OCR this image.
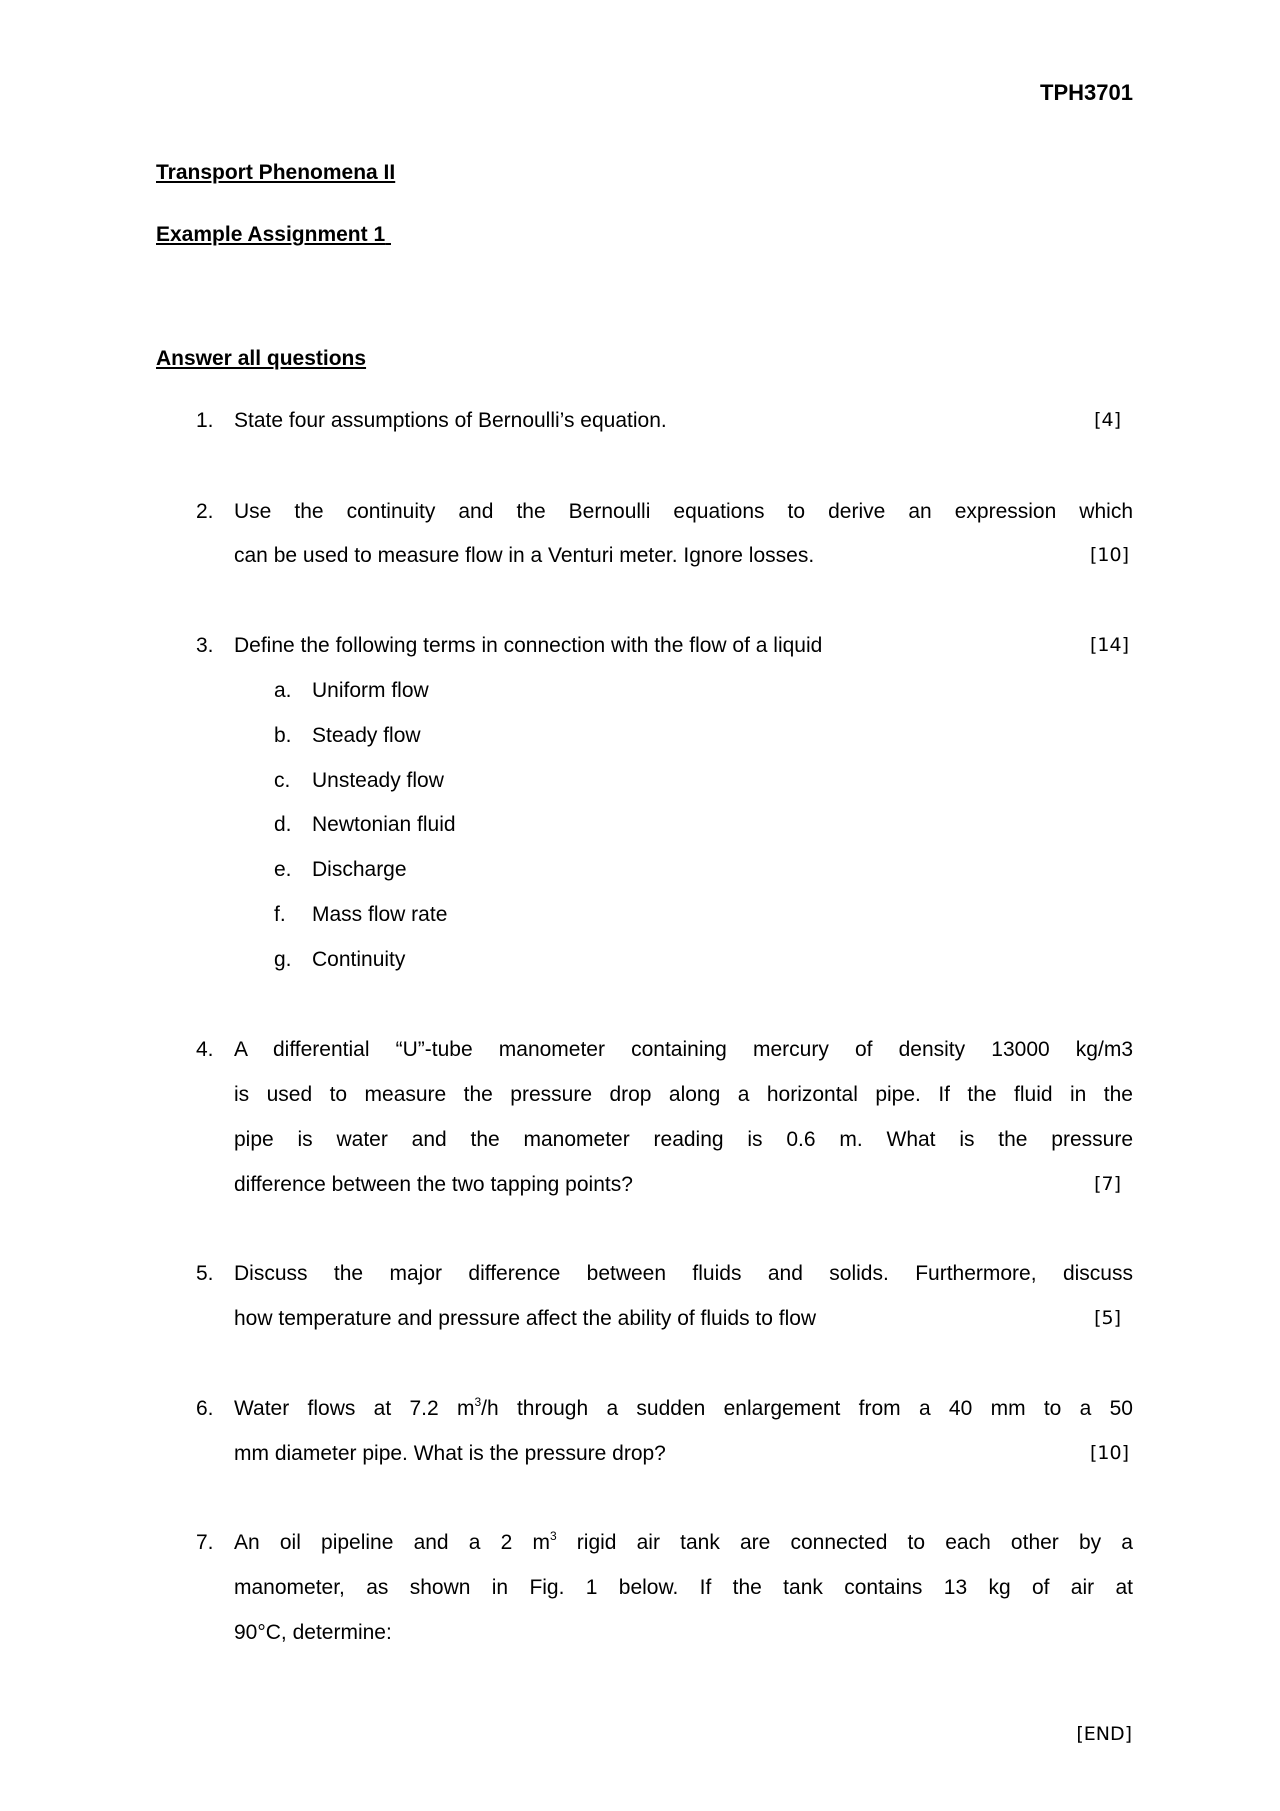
TPH3701
Transport Phenomena II
Example Assignment 1
Answer all questions
1. State four assumptions of Bernoulli’s equation.	[4]
2. Use the continuity and the Bernoulli equations to derive an expression which
can be used to measure flow in a Venturi meter. Ignore losses.	[10]
3. Define the following terms in connection with the flow of a liquid	[14]
a. Uniform flow
b. Steady flow
c. Unsteady flow
d. Newtonian fluid
e. Discharge
f. Mass flow rate
g. Continuity
4. A differential “U”-tube manometer containing mercury of density 13000 kg/m3
is used to measure the pressure drop along a horizontal pipe. If the fluid in the
pipe is water and the manometer reading is 0.6 m. What is the pressure
difference between the two tapping points?	[7]
5. Discuss the major difference between fluids and solids. Furthermore, discuss
how temperature and pressure affect the ability of fluids to flow	[5]
6. Water flows at 7.2 $m^3/h$ through a sudden enlargement from a 40 mm to a 50
mm diameter pipe. What is the pressure drop?	[10]
7. An oil pipeline and a 2 $m^3$ rigid air tank are connected to each other by a
manometer, as shown in Fig. 1 below. If the tank contains 13 kg of air at
90°C, determine:
[END]
